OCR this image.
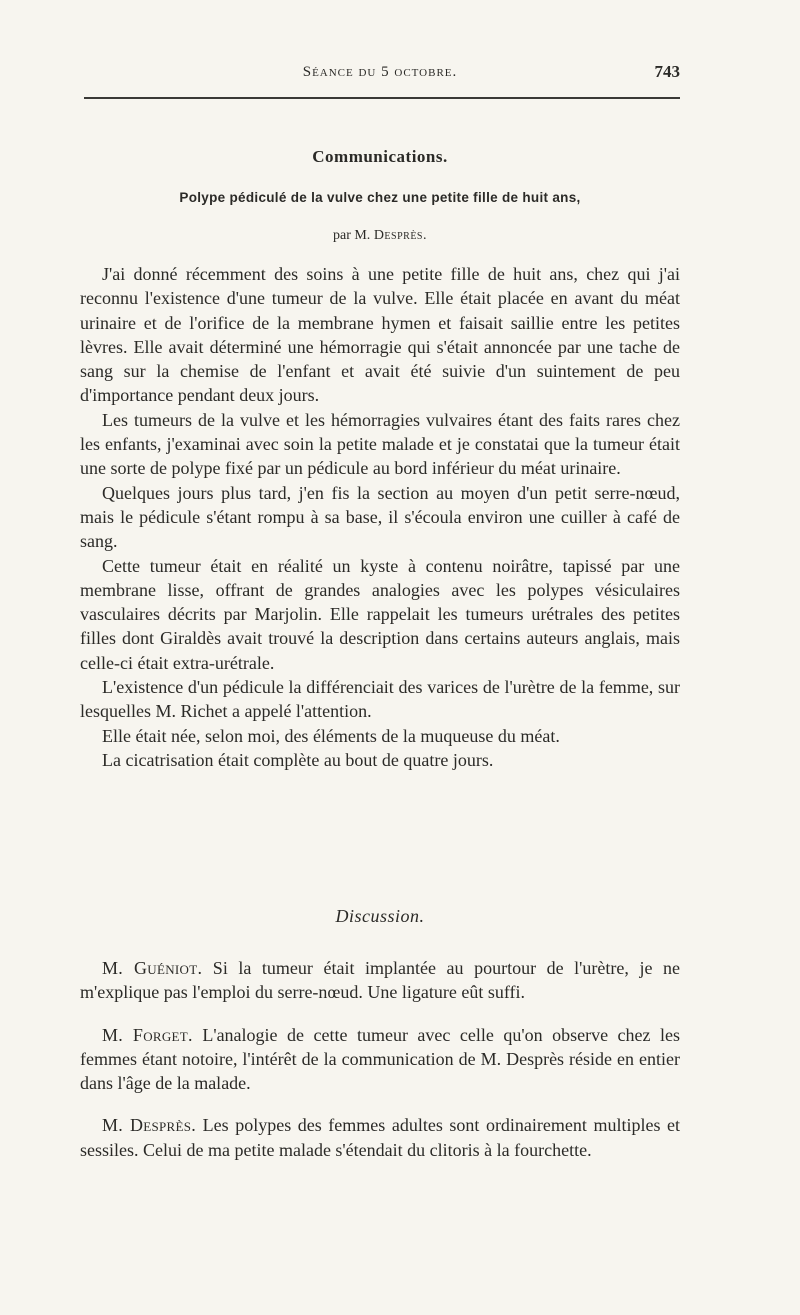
Séance du 5 octobre.	743
Communications.
Polype pédiculé de la vulve chez une petite fille de huit ans,
par M. Desprès.

J'ai donné récemment des soins à une petite fille de huit ans, chez qui j'ai reconnu l'existence d'une tumeur de la vulve. Elle était placée en avant du méat urinaire et de l'orifice de la membrane hymen et faisait saillie entre les petites lèvres. Elle avait déterminé une hémorragie qui s'était annoncée par une tache de sang sur la chemise de l'enfant et avait été suivie d'un suintement de peu d'importance pendant deux jours.

Les tumeurs de la vulve et les hémorragies vulvaires étant des faits rares chez les enfants, j'examinai avec soin la petite malade et je constatai que la tumeur était une sorte de polype fixé par un pédicule au bord inférieur du méat urinaire.

Quelques jours plus tard, j'en fis la section au moyen d'un petit serre-nœud, mais le pédicule s'étant rompu à sa base, il s'écoula environ une cuiller à café de sang.

Cette tumeur était en réalité un kyste à contenu noirâtre, tapissé par une membrane lisse, offrant de grandes analogies avec les polypes vésiculaires vasculaires décrits par Marjolin. Elle rappelait les tumeurs urétrales des petites filles dont Giraldès avait trouvé la description dans certains auteurs anglais, mais celle-ci était extra-urétrale.

L'existence d'un pédicule la différenciait des varices de l'urètre de la femme, sur lesquelles M. Richet a appelé l'attention.

Elle était née, selon moi, des éléments de la muqueuse du méat.

La cicatrisation était complète au bout de quatre jours.

Discussion.

M. Guéniot. Si la tumeur était implantée au pourtour de l'urètre, je ne m'explique pas l'emploi du serre-nœud. Une ligature eût suffi.

M. Forget. L'analogie de cette tumeur avec celle qu'on observe chez les femmes étant notoire, l'intérêt de la communication de M. Desprès réside en entier dans l'âge de la malade.

M. Desprès. Les polypes des femmes adultes sont ordinairement multiples et sessiles. Celui de ma petite malade s'étendait du clitoris à la fourchette.
